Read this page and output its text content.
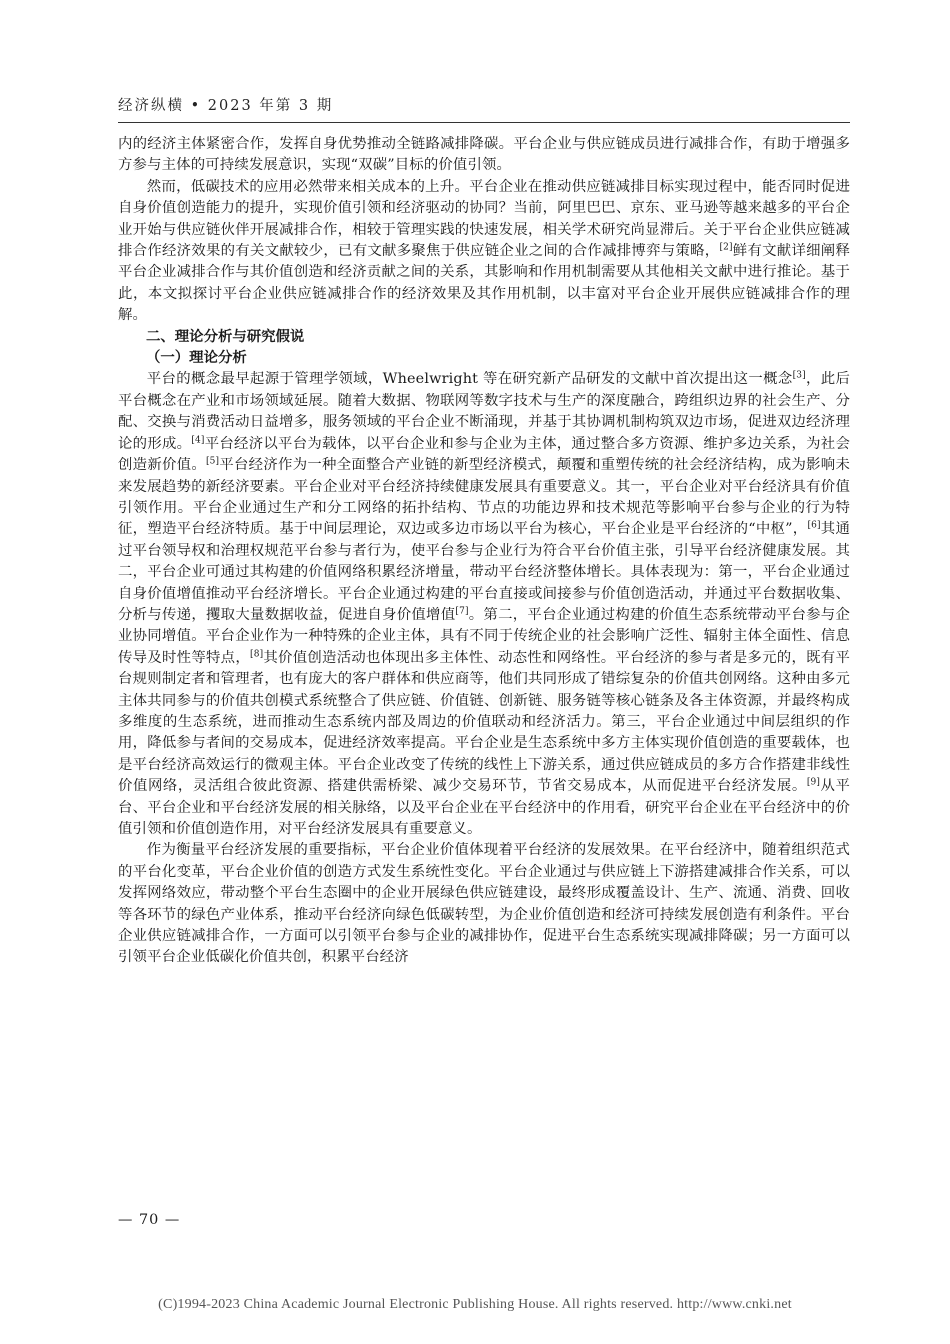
经济纵横 • 2023 年第 3 期

内的经济主体紧密合作，发挥自身优势推动全链路减排降碳。平台企业与供应链成员进行减排合作，有助于增强多方参与主体的可持续发展意识，实现“双碳”目标的价值引领。

然而，低碳技术的应用必然带来相关成本的上升。平台企业在推动供应链减排目标实现过程中，能否同时促进自身价值创造能力的提升，实现价值引领和经济驱动的协同？当前，阿里巴巴、京东、亚马逊等越来越多的平台企业开始与供应链伙伴开展减排合作，相较于管理实践的快速发展，相关学术研究尚显滞后。关于平台企业供应链减排合作经济效果的有关文献较少，已有文献多聚焦于供应链企业之间的合作减排博弈与策略，[2]鲜有文献详细阐释平台企业减排合作与其价值创造和经济贡献之间的关系，其影响和作用机制需要从其他相关文献中进行推论。基于此，本文拟探讨平台企业供应链减排合作的经济效果及其作用机制，以丰富对平台企业开展供应链减排合作的理解。

二、理论分析与研究假说
（一）理论分析

平台的概念最早起源于管理学领域，Wheelwright 等在研究新产品研发的文献中首次提出这一概念[3]，此后平台概念在产业和市场领域延展。随着大数据、物联网等数字技术与生产的深度融合，跨组织边界的社会生产、分配、交换与消费活动日益增多，服务领域的平台企业不断涌现，并基于其协调机制构筑双边市场，促进双边经济理论的形成。[4]平台经济以平台为载体，以平台企业和参与企业为主体，通过整合多方资源、维护多边关系，为社会创造新价值。[5]平台经济作为一种全面整合产业链的新型经济模式，颠覆和重塑传统的社会经济结构，成为影响未来发展趋势的新经济要素。平台企业对平台经济持续健康发展具有重要意义。其一，平台企业对平台经济具有价值引领作用。平台企业通过生产和分工网络的拓扑结构、节点的功能边界和技术规范等影响平台参与企业的行为特征，塑造平台经济特质。基于中间层理论，双边或多边市场以平台为核心，平台企业是平台经济的“中枢”，[6]其通过平台领导权和治理权规范平台参与者行为，使平台参与企业行为符合平台价值主张，引导平台经济健康发展。其二，平台企业可通过其构建的价值网络积累经济增量，带动平台经济整体增长。具体表现为：第一，平台企业通过自身价值增值推动平台经济增长。平台企业通过构建的平台直接或间接参与价值创造活动，并通过平台数据收集、分析与传递，攫取大量数据收益，促进自身价值增值[7]。第二，平台企业通过构建的价值生态系统带动平台参与企业协同增值。平台企业作为一种特殊的企业主体，具有不同于传统企业的社会影响广泛性、辐射主体全面性、信息传导及时性等特点，[8]其价值创造活动也体现出多主体性、动态性和网络性。平台经济的参与者是多元的，既有平台规则制定者和管理者，也有庞大的客户群体和供应商等，他们共同形成了错综复杂的价值共创网络。这种由多元主体共同参与的价值共创模式系统整合了供应链、价值链、创新链、服务链等核心链条及各主体资源，并最终构成多维度的生态系统，进而推动生态系统内部及周边的价值联动和经济活力。第三，平台企业通过中间层组织的作用，降低参与者间的交易成本，促进经济效率提高。平台企业是生态系统中多方主体实现价值创造的重要载体，也是平台经济高效运行的微观主体。平台企业改变了传统的线性上下游关系，通过供应链成员的多方合作搭建非线性价值网络，灵活组合彼此资源、搭建供需桥梁、减少交易环节，节省交易成本，从而促进平台经济发展。[9]从平台、平台企业和平台经济发展的相关脉络，以及平台企业在平台经济中的作用看，研究平台企业在平台经济中的价值引领和价值创造作用，对平台经济发展具有重要意义。

作为衡量平台经济发展的重要指标，平台企业价值体现着平台经济的发展效果。在平台经济中，随着组织范式的平台化变革，平台企业价值的创造方式发生系统性变化。平台企业通过与供应链上下游搭建减排合作关系，可以发挥网络效应，带动整个平台生态圈中的企业开展绿色供应链建设，最终形成覆盖设计、生产、流通、消费、回收等各环节的绿色产业体系，推动平台经济向绿色低碳转型，为企业价值创造和经济可持续发展创造有利条件。平台企业供应链减排合作，一方面可以引领平台参与企业的减排协作，促进平台生态系统实现减排降碳；另一方面可以引领平台企业低碳化价值共创，积累平台经济

— 70 —
(C)1994-2023 China Academic Journal Electronic Publishing House. All rights reserved. http://www.cnki.net
